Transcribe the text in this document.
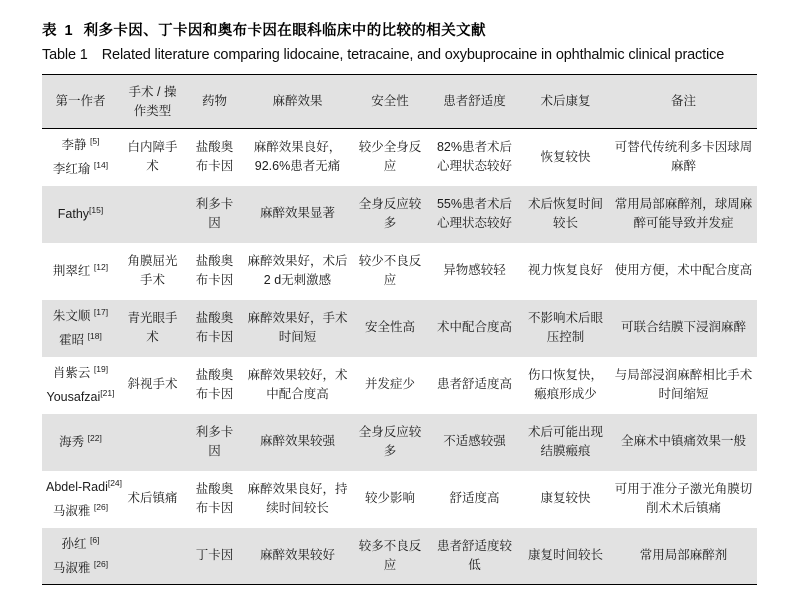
表 1 利多卡因、丁卡因和奥布卡因在眼科临床中的比较的相关文献
Table 1 Related literature comparing lidocaine, tetracaine, and oxybuprocaine in ophthalmic clinical practice
第一作者	手术 / 操作类型	药物	麻醉效果	安全性	患者舒适度	术后康复	备注

李静 [5]
李红瑜 [14]	白内障手术	盐酸奥布卡因	麻醉效果良好，92.6%患者无痛	较少全身反应	82%患者术后心理状态较好	恢复较快	可替代传统利多卡因球周麻醉

Fathy[15]		利多卡因	麻醉效果显著	全身反应较多	55%患者术后心理状态较好	术后恢复时间较长	常用局部麻醉剂，球周麻醉可能导致并发症

荆翠红 [12]	角膜屈光手术	盐酸奥布卡因	麻醉效果好，术后 2 d无刺激感	较少不良反应	异物感较轻	视力恢复良好	使用方便，术中配合度高

朱文顺 [17]
霍昭 [18]	青光眼手术	盐酸奥布卡因	麻醉效果好，手术时间短	安全性高	术中配合度高	不影响术后眼压控制	可联合结膜下浸润麻醉

肖紫云 [19]
Yousafzai[21]	斜视手术	盐酸奥布卡因	麻醉效果较好，术中配合度高	并发症少	患者舒适度高	伤口恢复快，瘢痕形成少	与局部浸润麻醉相比手术时间缩短

海秀 [22]		利多卡因	麻醉效果较强	全身反应较多	不适感较强	术后可能出现结膜瘢痕	全麻术中镇痛效果一般

Abdel-Radi[24]
马淑雅 [26]	术后镇痛	盐酸奥布卡因	麻醉效果良好，持续时间较长	较少影响	舒适度高	康复较快	可用于准分子激光角膜切削术术后镇痛

孙红 [6]
马淑雅 [26]		丁卡因	麻醉效果较好	较多不良反应	患者舒适度较低	康复时间较长	常用局部麻醉剂
